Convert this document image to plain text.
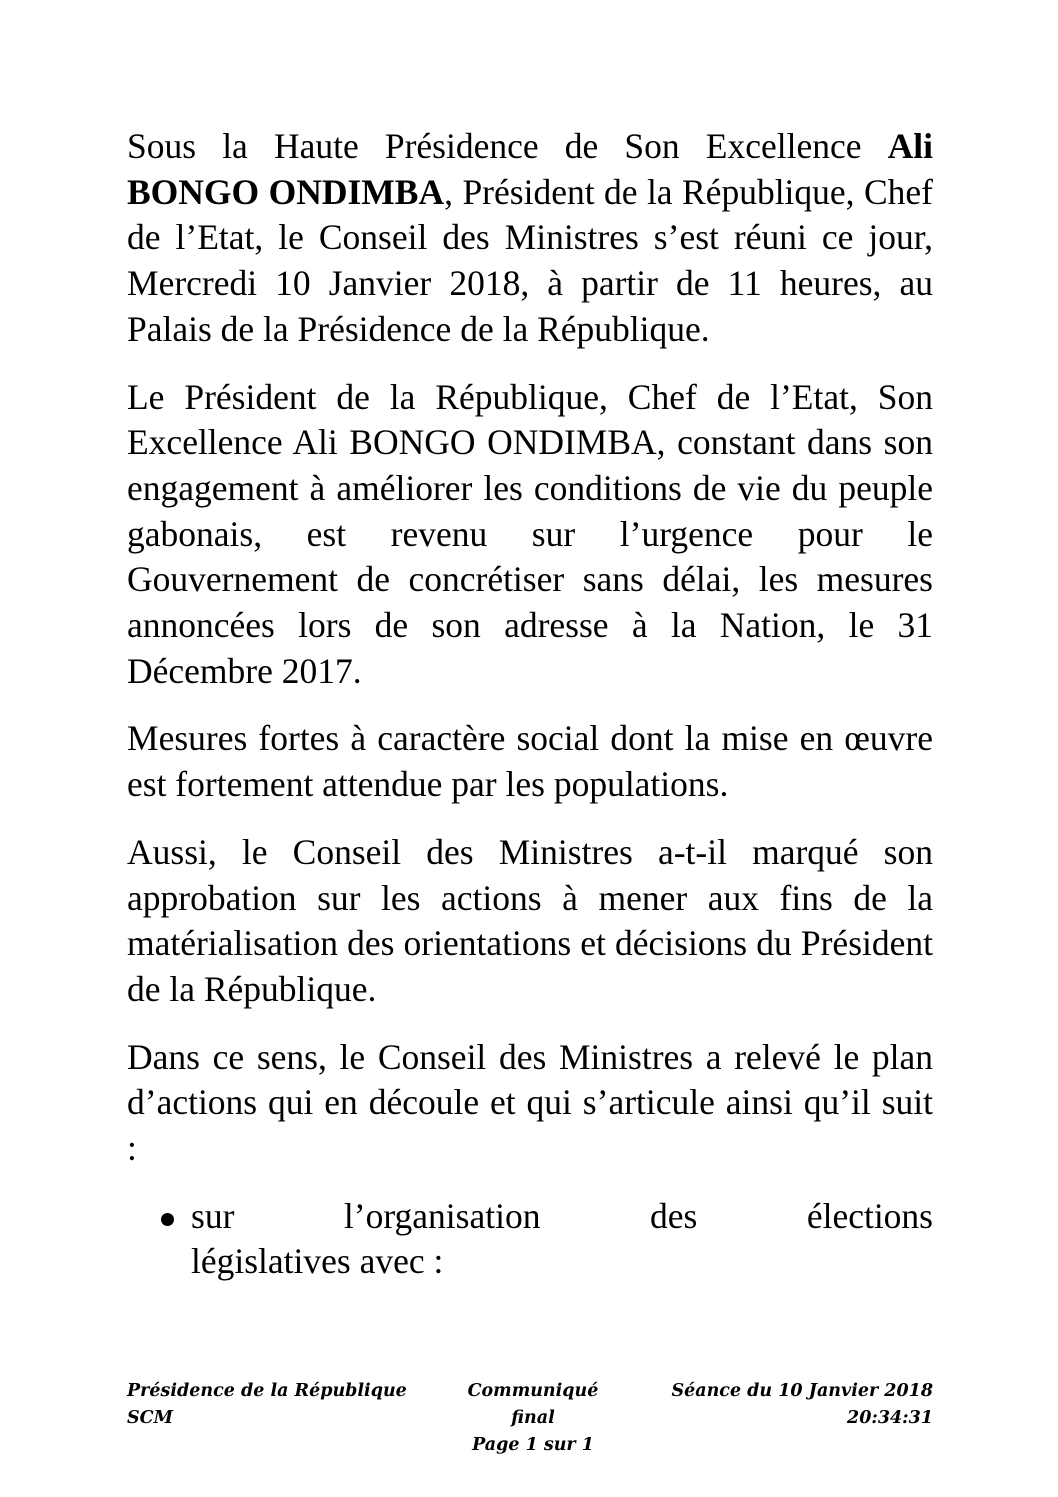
Sous la Haute Présidence de Son Excellence Ali BONGO ONDIMBA, Président de la République, Chef de l’Etat, le Conseil des Ministres s’est réuni ce jour, Mercredi 10 Janvier 2018, à partir de 11 heures, au Palais de la Présidence de la République.

Le Président de la République, Chef de l’Etat, Son Excellence Ali BONGO ONDIMBA, constant dans son engagement à améliorer les conditions de vie du peuple gabonais, est revenu sur l’urgence pour le Gouvernement de concrétiser sans délai, les mesures annoncées lors de son adresse à la Nation, le 31 Décembre 2017.

Mesures fortes à caractère social dont la mise en œuvre est fortement attendue par les populations.

Aussi, le Conseil des Ministres a-t-il marqué son approbation sur les actions à mener aux fins de la matérialisation des orientations et décisions du Président de la République.

Dans ce sens, le Conseil des Ministres a relevé le plan d’actions qui en découle et qui s’articule ainsi qu’il suit :

sur l’organisation des élections
législatives avec :
Présidence de la République
SCM
Communiqué final
Page 1 sur 1
Séance du 10 Janvier 2018
20:34:31
